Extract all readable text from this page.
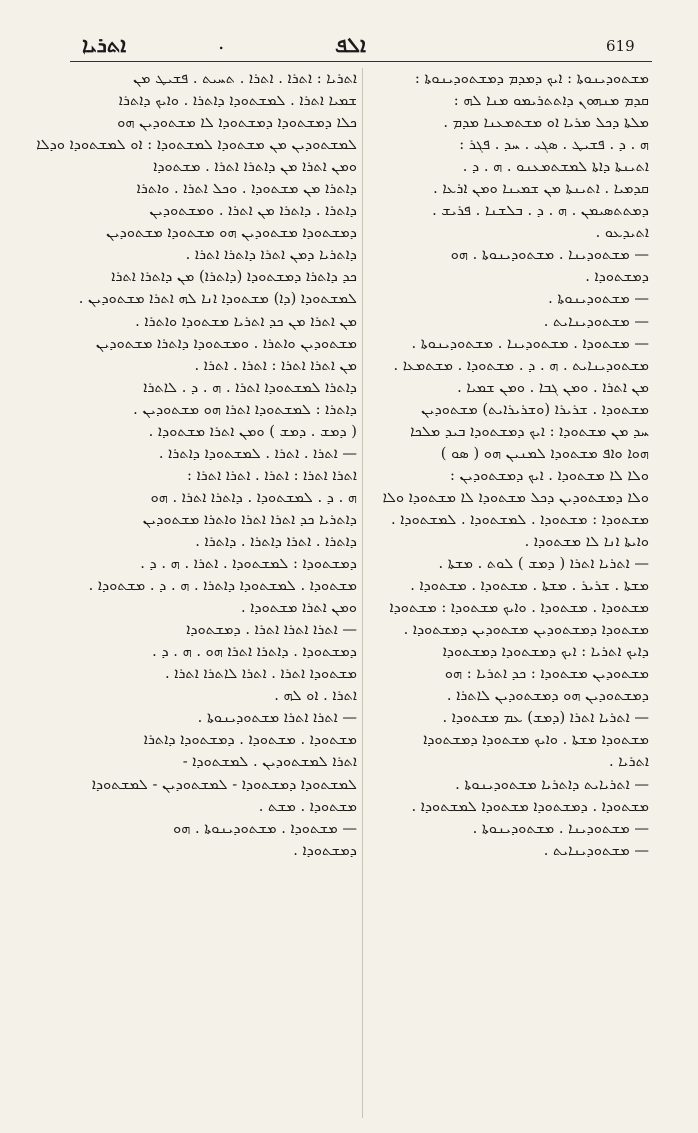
ܐܬܪܝܐ	.	ܐܠܦ	619
ܡܫܬܘܕܝܢܘܬܐ : ܐܝܟ ܕܡܕܡ ܕܡܫܬܘܕܝܢܘܬܐ :
ܩܕܡ ܡܢܗܘܢ ܕܐܬܬܪܝܡܘ ܡܢܐ ܠܗ :
ܡܠܬܐ ܕܟܠ ܡܪܝܐ ܐܘ ܡܫܬܡܥܢܐ ܡܕܡ .
ܗ . ܕ . ܦܫܝܛ . ܣܓܝ . ܚܕ . ܦܓܪ :
ܐܬܝܢܬܐ ܕܐܬܐ ܠܡܫܬܡܥܢܘ . ܗ . ܕ .
ܩܕܡܝܐ . ܐܬܝܢܬܐ ܡܢ ܫܡܝܢܐ ܘܡܢ ܐܪܥܐ .
ܕܡܬܬܣܝܡܢ . ܗ . ܕ . ܒܠܫܢܐ . ܦܪܝܫ .
ܐܬܝܕܥܘ .
— ܡܫܬܘܕܝܢܐ . ܡܫܬܘܕܝܢܘܬܐ . ܗܘ
ܕܡܫܬܘܕܐ .
— ܡܫܬܘܕܝܢܘܬܐ .
— ܡܫܬܘܕܝܢܐܝܬ .
— ܡܫܬܘܕܐ . ܡܫܬܘܕܝܢܐ . ܡܫܬܘܕܝܢܘܬܐ .
ܡܫܬܘܕܝܢܐܝܬ . ܗ . ܕ . ܡܫܬܘܕܐ . ܡܫܬܡܥܐ .
ܡܢ ܐܬܪܐ . ܘܡܢ ܓܒܐ . ܘܡܢ ܫܡܝܐ .
ܡܫܬܘܕܐ . ܫܪܝܪܐ (ܘܫܪܝܪܐܝܬ) ܡܫܬܘܕܝܢ
ܚܕ ܡܢ ܡܫܬܘܕܐ : ܐܝܟ ܕܡܫܬܘܕܐ ܒܝܕ ܡܠܟܐ
ܗܘܐ ܘܐܦ ܡܫܬܘܕܐ ܠܡܢܝܢ ܗܘ ( ܣܘ )
ܘܠܐ ܠܐ ܡܫܬܘܕܐ . ܐܝܟ ܕܡܫܬܘܕܝܢ :
ܘܠܐ ܕܡܫܬܘܕܝܢ ܕܟܠ ܡܫܬܘܕܐ ܠܐ ܡܫܬܘܕܐ ܘܠܐ
ܡܫܬܘܕܐ : ܡܫܬܘܕܐ . ܠܡܫܬܘܕܐ . ܠܡܫܬܘܕܐ .
ܘܐܝܬܐ ܐܢܐ ܠܐ ܡܫܬܘܕܐ .
— ܐܬܪܝܐ ܐܬܪܐ ( ܕܡܫ ) ܠܘܬ . ܡܫܬܐ .
ܡܫܬܐ . ܫܪܝܪ . ܡܫܬܐ . ܡܫܬܘܕܐ . ܡܫܬܘܕܐ .
ܡܫܬܘܕܐ . ܡܫܬܘܕܐ . ܘܐܝܟ ܡܫܬܘܕܐ : ܡܫܬܘܕܐ
ܡܫܬܘܕܐ ܕܡܫܬܘܕܝܢ ܡܫܬܘܕܝܢ ܕܡܫܬܘܕܐ .
ܕܐܝܟ ܐܬܪܝܐ : ܐܝܟ ܕܡܫܬܘܕܐ ܕܡܫܬܘܕܐ
ܡܫܬܘܕܝܢ ܡܫܬܘܕܐ : ܟܕ ܐܬܪܝܐ : ܗܘ
ܕܡܫܬܘܕܝܢ ܗܘ ܕܡܫܬܘܕܝܢ ܠܐܬܪܐ .
— ܐܬܪܝܐ ܐܬܪܐ (ܕܡܫ) ܥܡ ܡܫܬܘܕܐ .
ܡܫܬܘܕܐ ܡܫܬܐ . ܘܐܝܟ ܡܫܬܘܕܐ ܕܡܫܬܘܕܐ
ܐܬܪܝܐ .
— ܐܬܪܝܐܝܬ ܕܐܬܪܝܐ ܡܫܬܘܕܝܢܘܬܐ .
ܡܫܬܘܕܐ . ܕܡܫܬܘܕܐ ܡܫܬܘܕܐ ܠܡܫܬܘܕܐ .
— ܡܫܬܘܕܝܢܐ . ܡܫܬܘܕܝܢܘܬܐ .
— ܡܫܬܘܕܝܢܐܝܬ .
ܐܬܪܝܐ : ܐܬܪܐ . ܐܬܪܐ . ܬܚܝܬ . ܦܫܝܛ ܡܢ
ܫܡܝܐ ܐܬܪܐ . ܠܡܫܬܘܕܐ ܕܐܬܪܐ . ܘܐܝܟ ܕܐܬܪܐ
ܟܠܐ ܕܡܫܬܘܕܐ ܕܡܫܬܘܕܐ ܠܐ ܡܫܬܘܕܝܢ ܗܘ
ܠܡܫܬܘܕܝܢ ܡܢ ܡܫܬܘܕܐ ܠܡܫܬܘܕܐ : ܐܘ ܠܡܫܬܘܕܐ ܘܕܠܐ
ܘܡܢ ܐܬܪܐ ܡܢ ܕܐܬܪܐ ܐܬܪܐ . ܡܫܬܘܕܐ
ܕܐܬܪܐ ܡܢ ܡܫܬܘܕܐ . ܘܟܠ ܐܬܪܐ . ܘܐܬܪܐ
ܕܐܬܪܐ . ܕܐܬܪܐ ܡܢ ܐܬܪܐ . ܘܡܫܬܘܕܝܢ
ܕܡܫܬܘܕܐ ܡܫܬܘܕܝܢ ܗܘ ܡܫܬܘܕܐ ܡܫܬܘܕܝܢ
ܕܐܬܪܝܐ ܕܡܢ ܐܬܪܐ ܕܐܬܪܐ ܐܬܪܐ .
ܟܕ ܕܐܬܪܐ ܕܡܫܬܘܕܐ (ܕܐܬܪܐ) ܡܢ ܕܐܬܪܐ ܐܬܪܐ
ܠܡܫܬܘܕܐ (ܕܐ) ܡܫܬܘܕܐ ܐܢܐ ܠܗ ܐܬܪܐ ܡܫܬܘܕܝܢ .
ܡܢ ܐܬܪܐ ܡܢ ܟܕ ܐܬܪܝܐ ܡܫܬܘܕܐ ܘܐܬܪܐ .
ܡܫܬܘܕܝܢ ܘܐܬܪܐ . ܘܡܫܬܘܕܐ ܕܐܬܪܐ ܡܫܬܘܕܝܢ
ܡܢ ܐܬܪܐ ܐܬܪܐ : ܐܬܪܐ . ܐܬܪܐ .
ܕܐܬܪܐ ܠܡܫܬܘܕܐ ܐܬܪܐ . ܗ . ܕ . ܠܐܬܪܐ
ܕܐܬܪܐ : ܠܡܫܬܘܕܐ ܐܬܪܐ ܗܘ ܡܫܬܘܕܝܢ .
( ܕܡܫ . ܕܡܫ ) ܘܡܢ ܐܬܪܐ ܡܫܬܘܕܐ .
— ܐܬܪܐ . ܐܬܪܐ . ܠܡܫܬܘܕܐ ܕܐܬܪܐ .
ܐܬܪܐ ܐܬܪܐ : ܐܬܪܐ . ܐܬܪܐ ܐܬܪܐ :
ܗ . ܕ . ܠܡܫܬܘܕܐ . ܕܐܬܪܐ ܐܬܪܐ . ܗܘ
ܕܐܬܪܝܐ ܟܕ ܐܬܪܐ ܐܬܪܐ ܘܐܬܪܐ ܡܫܬܘܕܝܢ
ܕܐܬܪܐ . ܐܬܪܐ ܕܐܬܪܐ . ܕܐܬܪܐ .
ܕܡܫܬܘܕܐ : ܠܡܫܬܘܕܐ . ܐܬܪܐ . ܗ . ܕ .
ܡܫܬܘܕܐ . ܠܡܫܬܘܕܐ ܕܐܬܪܐ . ܗ . ܕ . ܡܫܬܘܕܐ .
ܘܡܢ ܐܬܪܐ ܡܫܬܘܕܐ .
— ܐܬܪܐ ܐܬܪܐ ܐܬܪܐ . ܕܡܫܬܘܕܐ
ܕܡܫܬܘܕܐ . ܕܐܬܪܐ ܐܬܪܐ ܗܘ . ܗ . ܕ .
ܡܫܬܘܕܐ ܐܬܪܐ . ܐܬܪܐ ܠܐܬܪܐ ܐܬܪܐ .
ܐܬܪܐ . ܐܘ ܠܗ .
— ܐܬܪܐ ܐܬܪܐ ܡܫܬܘܕܝܢܘܬܐ .
ܡܫܬܘܕܐ . ܡܫܬܘܕܐ . ܕܡܫܬܘܕܐ ܕܐܬܪܐ
ܐܬܪܐ ܠܡܫܬܘܕܝܢ . ܠܡܫܬܘܕܐ -
ܠܡܫܬܘܕܐ ܕܡܫܬܘܕܐ - ܠܡܫܬܘܕܝܢ - ܠܡܫܬܘܕܐ
ܡܫܬܘܕܐ . ܡܫܬ .
— ܡܫܬܘܕܐ . ܡܫܬܘܕܝܢܘܬܐ . ܗܘ
ܕܡܫܬܘܕܐ .
